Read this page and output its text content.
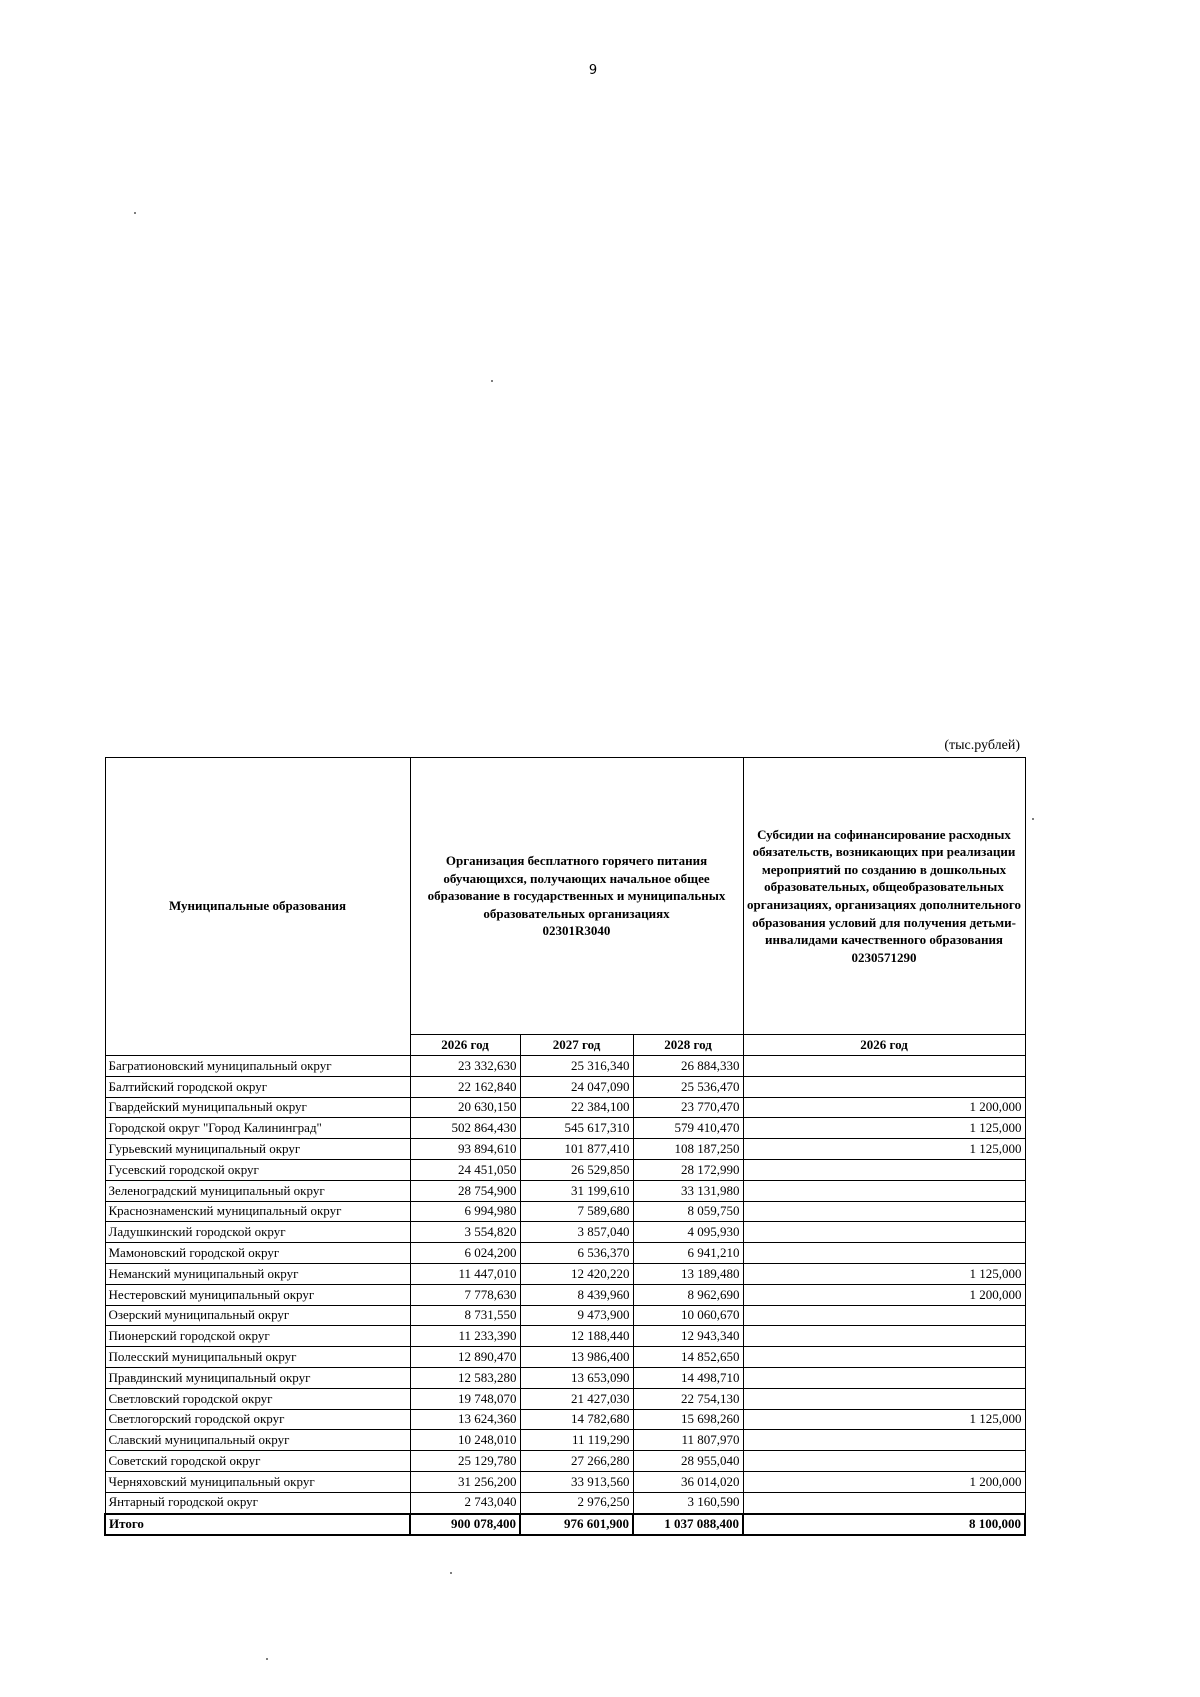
9
(тыс.рублей)
Муниципальные образования	Организация бесплатного горячего питания обучающихся, получающих начальное общее образование в государственных и муниципальных образовательных организациях
02301R3040			Субсидии на софинансирование расходных обязательств, возникающих при реализации мероприятий по созданию в дошкольных образовательных, общеобразовательных организациях, организациях дополнительного образования условий для получения детьми-инвалидами качественного образования
0230571290
	2026 год	2027 год	2028 год	2026 год
Багратионовский муниципальный округ	23 332,630	25 316,340	26 884,330	
Балтийский городской округ	22 162,840	24 047,090	25 536,470	
Гвардейский муниципальный округ	20 630,150	22 384,100	23 770,470	1 200,000
Городской округ "Город Калининград"	502 864,430	545 617,310	579 410,470	1 125,000
Гурьевский муниципальный округ	93 894,610	101 877,410	108 187,250	1 125,000
Гусевский городской округ	24 451,050	26 529,850	28 172,990	
Зеленоградский муниципальный округ	28 754,900	31 199,610	33 131,980	
Краснознаменский муниципальный округ	6 994,980	7 589,680	8 059,750	
Ладушкинский городской округ	3 554,820	3 857,040	4 095,930	
Мамоновский городской округ	6 024,200	6 536,370	6 941,210	
Неманский муниципальный округ	11 447,010	12 420,220	13 189,480	1 125,000
Нестеровский муниципальный округ	7 778,630	8 439,960	8 962,690	1 200,000
Озерский муниципальный округ	8 731,550	9 473,900	10 060,670	
Пионерский городской округ	11 233,390	12 188,440	12 943,340	
Полесский муниципальный округ	12 890,470	13 986,400	14 852,650	
Правдинский муниципальный округ	12 583,280	13 653,090	14 498,710	
Светловский городской округ	19 748,070	21 427,030	22 754,130	
Светлогорский городской округ	13 624,360	14 782,680	15 698,260	1 125,000
Славский муниципальный округ	10 248,010	11 119,290	11 807,970	
Советский городской округ	25 129,780	27 266,280	28 955,040	
Черняховский муниципальный округ	31 256,200	33 913,560	36 014,020	1 200,000
Янтарный городской округ	2 743,040	2 976,250	3 160,590	
Итого	900 078,400	976 601,900	1 037 088,400	8 100,000
